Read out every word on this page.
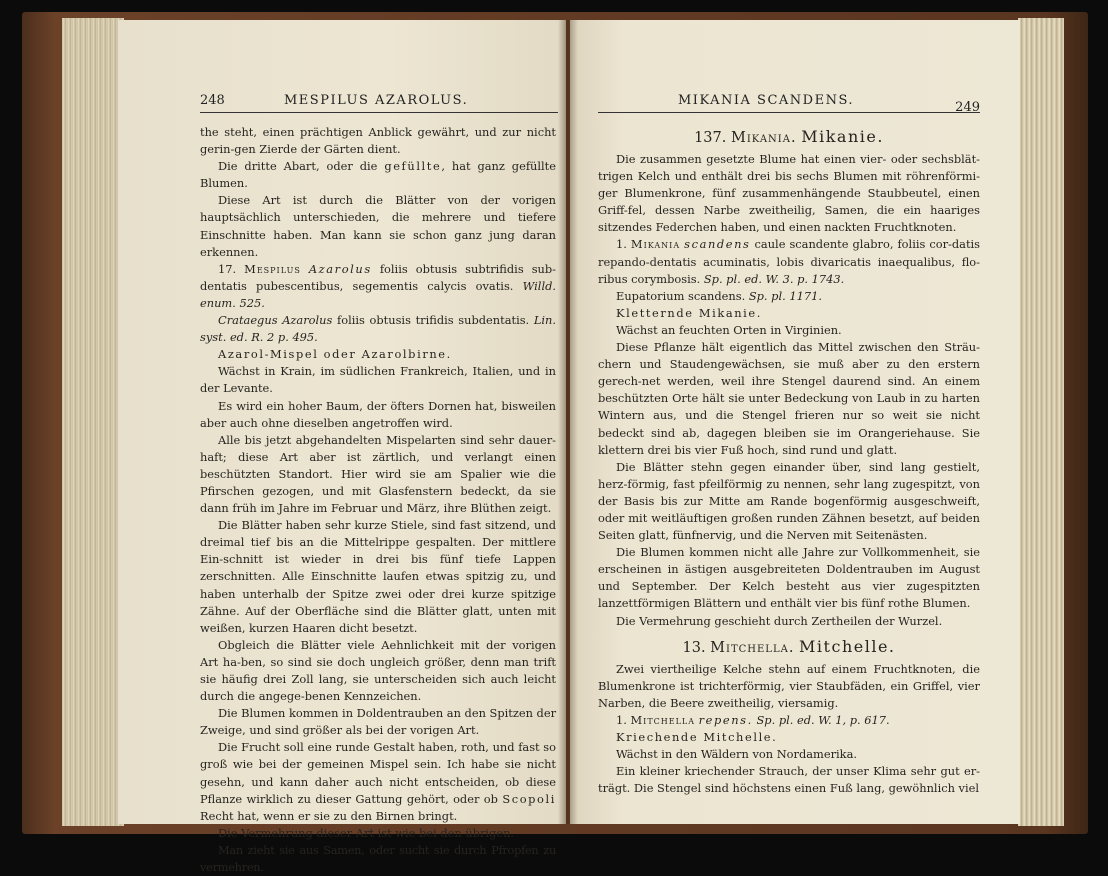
248	MESPILUS AZAROLUS.

the steht, einen prächtigen Anblick gewährt, und zur nicht gerin-gen Zierde der Gärten dient.

Die dritte Abart, oder die gefüllte, hat ganz gefüllte Blumen.

Diese Art ist durch die Blätter von der vorigen hauptsächlich unterschieden, die mehrere und tiefere Einschnitte haben. Man kann sie schon ganz jung daran erkennen.

17. Mespilus Azarolus foliis obtusis subtrifidis sub-dentatis pubescentibus, segementis calycis ovatis. Willd. enum. 525.

Crataegus Azarolus foliis obtusis trifidis subdentatis. Lin. syst. ed. R. 2 p. 495.

Azarol-Mispel oder Azarolbirne.

Wächst in Krain, im südlichen Frankreich, Italien, und in der Levante.

Es wird ein hoher Baum, der öfters Dornen hat, bisweilen aber auch ohne dieselben angetroffen wird.

Alle bis jetzt abgehandelten Mispelarten sind sehr dauer-haft; diese Art aber ist zärtlich, und verlangt einen beschützten Standort. Hier wird sie am Spalier wie die Pfirschen gezogen, und mit Glasfenstern bedeckt, da sie dann früh im Jahre im Februar und März, ihre Blüthen zeigt.

Die Blätter haben sehr kurze Stiele, sind fast sitzend, und dreimal tief bis an die Mittelrippe gespalten. Der mittlere Ein-schnitt ist wieder in drei bis fünf tiefe Lappen zerschnitten. Alle Einschnitte laufen etwas spitzig zu, und haben unterhalb der Spitze zwei oder drei kurze spitzige Zähne. Auf der Oberfläche sind die Blätter glatt, unten mit weißen, kurzen Haaren dicht besetzt.

Obgleich die Blätter viele Aehnlichkeit mit der vorigen Art ha-ben, so sind sie doch ungleich größer, denn man trift sie häufig drei Zoll lang, sie unterscheiden sich auch leicht durch die angege-benen Kennzeichen.

Die Blumen kommen in Doldentrauben an den Spitzen der Zweige, und sind größer als bei der vorigen Art.

Die Frucht soll eine runde Gestalt haben, roth, und fast so groß wie bei der gemeinen Mispel sein. Ich habe sie nicht gesehn, und kann daher auch nicht entscheiden, ob diese Pflanze wirklich zu dieser Gattung gehört, oder ob Scopoli Recht hat, wenn er sie zu den Birnen bringt.

Die Vermehrung dieser Art ist wie bei den übrigen.

Man zieht sie aus Samen, oder sucht sie durch Pfropfen zu vermehren.

MIKANIA SCANDENS.	249
137. Mikania. Mikanie.

Die zusammen gesetzte Blume hat einen vier- oder sechsblät-trigen Kelch und enthält drei bis sechs Blumen mit röhrenförmi-ger Blumenkrone, fünf zusammenhängende Staubbeutel, einen Griff-fel, dessen Narbe zweitheilig, Samen, die ein haariges sitzendes Federchen haben, und einen nackten Fruchtknoten.

1. Mikania scandens caule scandente glabro, foliis cor-datis repando-dentatis acuminatis, lobis divaricatis inaequalibus, flo-ribus corymbosis. Sp. pl. ed. W. 3. p. 1743.

Eupatorium scandens. Sp. pl. 1171.

Kletternde Mikanie.

Wächst an feuchten Orten in Virginien.

Diese Pflanze hält eigentlich das Mittel zwischen den Sträu-chern und Staudengewächsen, sie muß aber zu den erstern gerech-net werden, weil ihre Stengel daurend sind. An einem beschützten Orte hält sie unter Bedeckung von Laub in zu harten Wintern aus, und die Stengel frieren nur so weit sie nicht bedeckt sind ab, dagegen bleiben sie im Orangeriehause. Sie klettern drei bis vier Fuß hoch, sind rund und glatt.

Die Blätter stehn gegen einander über, sind lang gestielt, herz-förmig, fast pfeilförmig zu nennen, sehr lang zugespitzt, von der Basis bis zur Mitte am Rande bogenförmig ausgeschweift, oder mit weitläuftigen großen runden Zähnen besetzt, auf beiden Seiten glatt, fünfnervig, und die Nerven mit Seitenästen.

Die Blumen kommen nicht alle Jahre zur Vollkommenheit, sie erscheinen in ästigen ausgebreiteten Doldentrauben im August und September. Der Kelch besteht aus vier zugespitzten lanzettförmigen Blättern und enthält vier bis fünf rothe Blumen.

Die Vermehrung geschieht durch Zertheilen der Wurzel.

13. Mitchella. Mitchelle.

Zwei viertheilige Kelche stehn auf einem Fruchtknoten, die Blumenkrone ist trichterförmig, vier Staubfäden, ein Griffel, vier Narben, die Beere zweitheilig, viersamig.

1. Mitchella repens. Sp. pl. ed. W. 1, p. 617.

Kriechende Mitchelle.

Wächst in den Wäldern von Nordamerika.

Ein kleiner kriechender Strauch, der unser Klima sehr gut er-trägt. Die Stengel sind höchstens einen Fuß lang, gewöhnlich viel
